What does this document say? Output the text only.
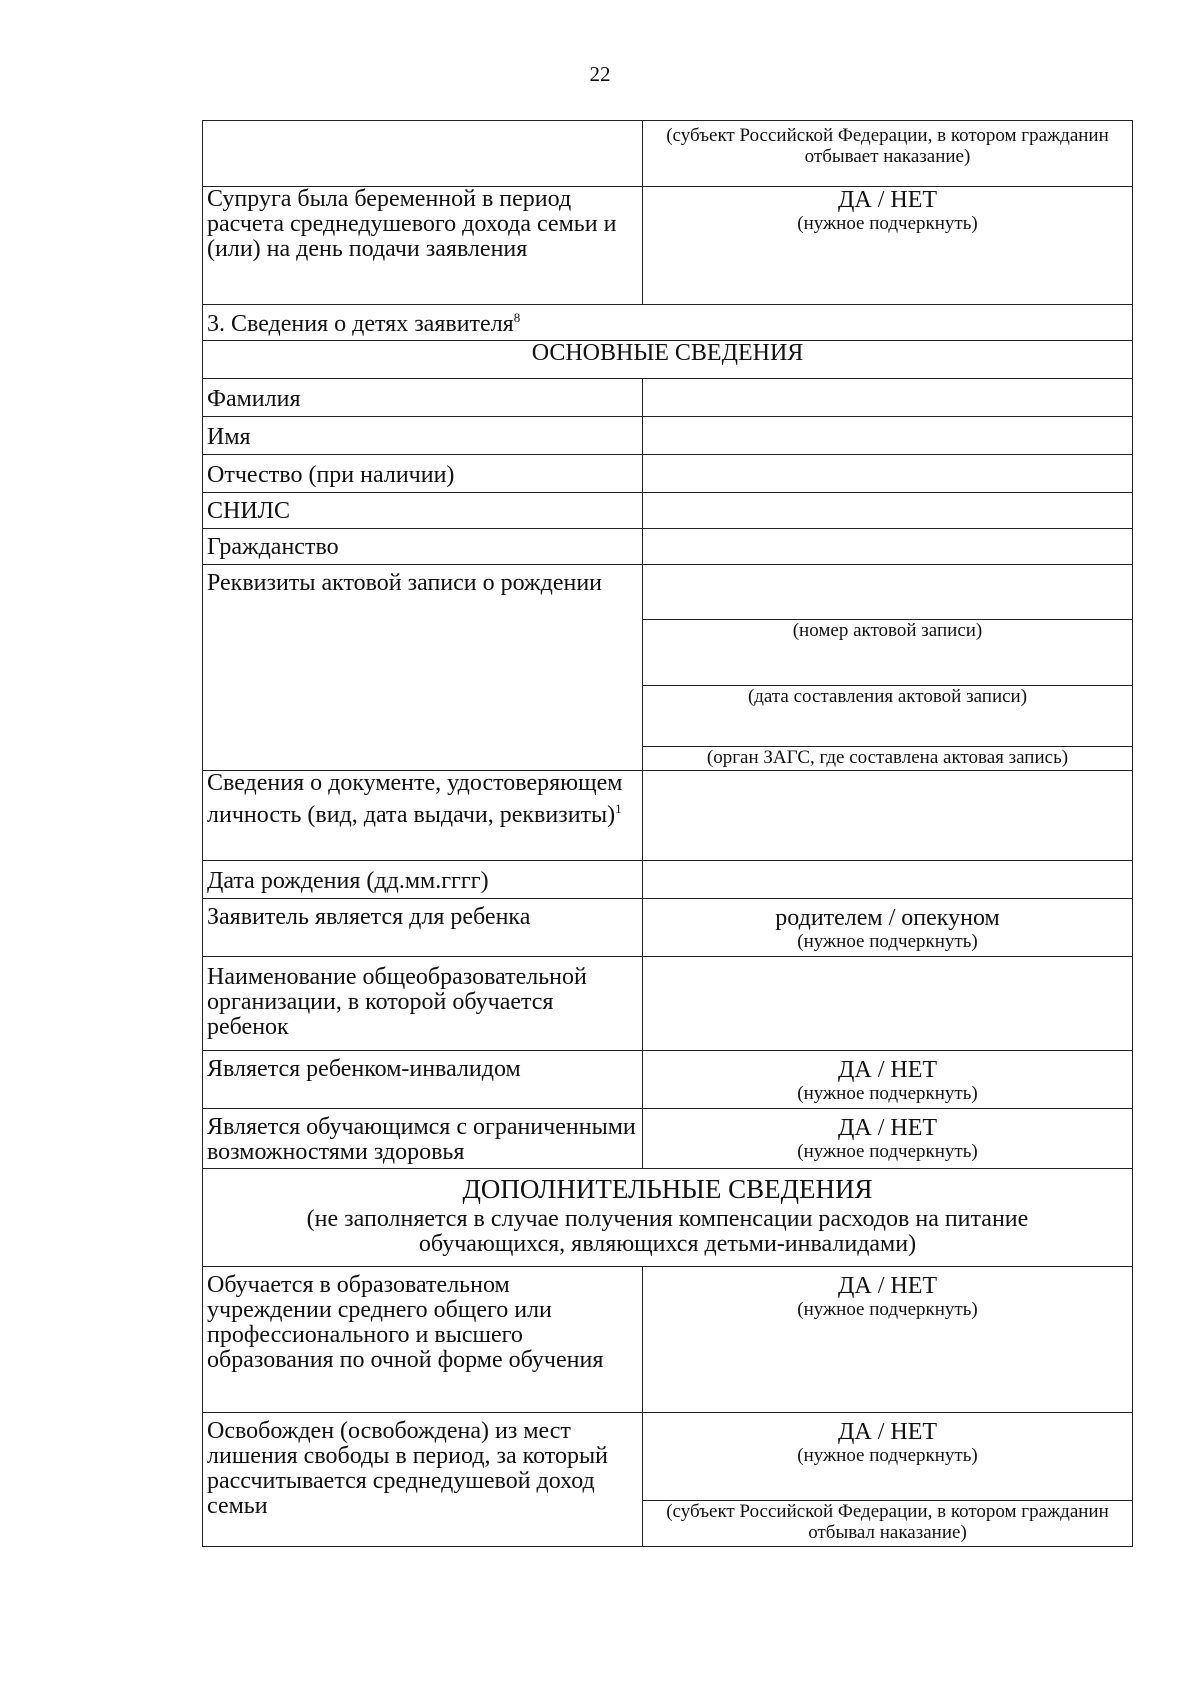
22

	(субъект Российской Федерации, в котором гражданин отбывает наказание)

Супруга была беременной в период расчета среднедушевого дохода семьи и (или) на день подачи заявления	ДА / НЕТ
(нужное подчеркнуть)

3. Сведения о детях заявителя$^8$
ОСНОВНЫЕ СВЕДЕНИЯ	
Фамилия	
Имя	
Отчество (при наличии)	
СНИЛС	
Гражданство	
Реквизиты актовой записи о рождении	(номер актовой записи)
(дата составления актовой записи)
(орган ЗАГС, где составлена актовая запись)

Сведения о документе, удостоверяющем личность (вид, дата выдачи, реквизиты)$^1$	
Дата рождения (дд.мм.гггг)	
Заявитель является для ребенка	родителем / опекуном
(нужное подчеркнуть)

Наименование общеобразовательной организации, в которой обучается ребенок	
Является ребенком-инвалидом	ДА / НЕТ
(нужное подчеркнуть)

Является обучающимся с ограниченными возможностями здоровья	ДА / НЕТ
(нужное подчеркнуть)

ДОПОЛНИТЕЛЬНЫЕ СВЕДЕНИЯ
(не заполняется в случае получения компенсации расходов на питание обучающихся, являющихся детьми-инвалидами)	

Обучается в образовательном учреждении среднего общего или профессионального и высшего образования по очной форме обучения	ДА / НЕТ
(нужное подчеркнуть)

Освобожден (освобождена) из мест лишения свободы в период, за который рассчитывается среднедушевой доход семьи	ДА / НЕТ
(нужное подчеркнуть)
(субъект Российской Федерации, в котором гражданин отбывал наказание)
